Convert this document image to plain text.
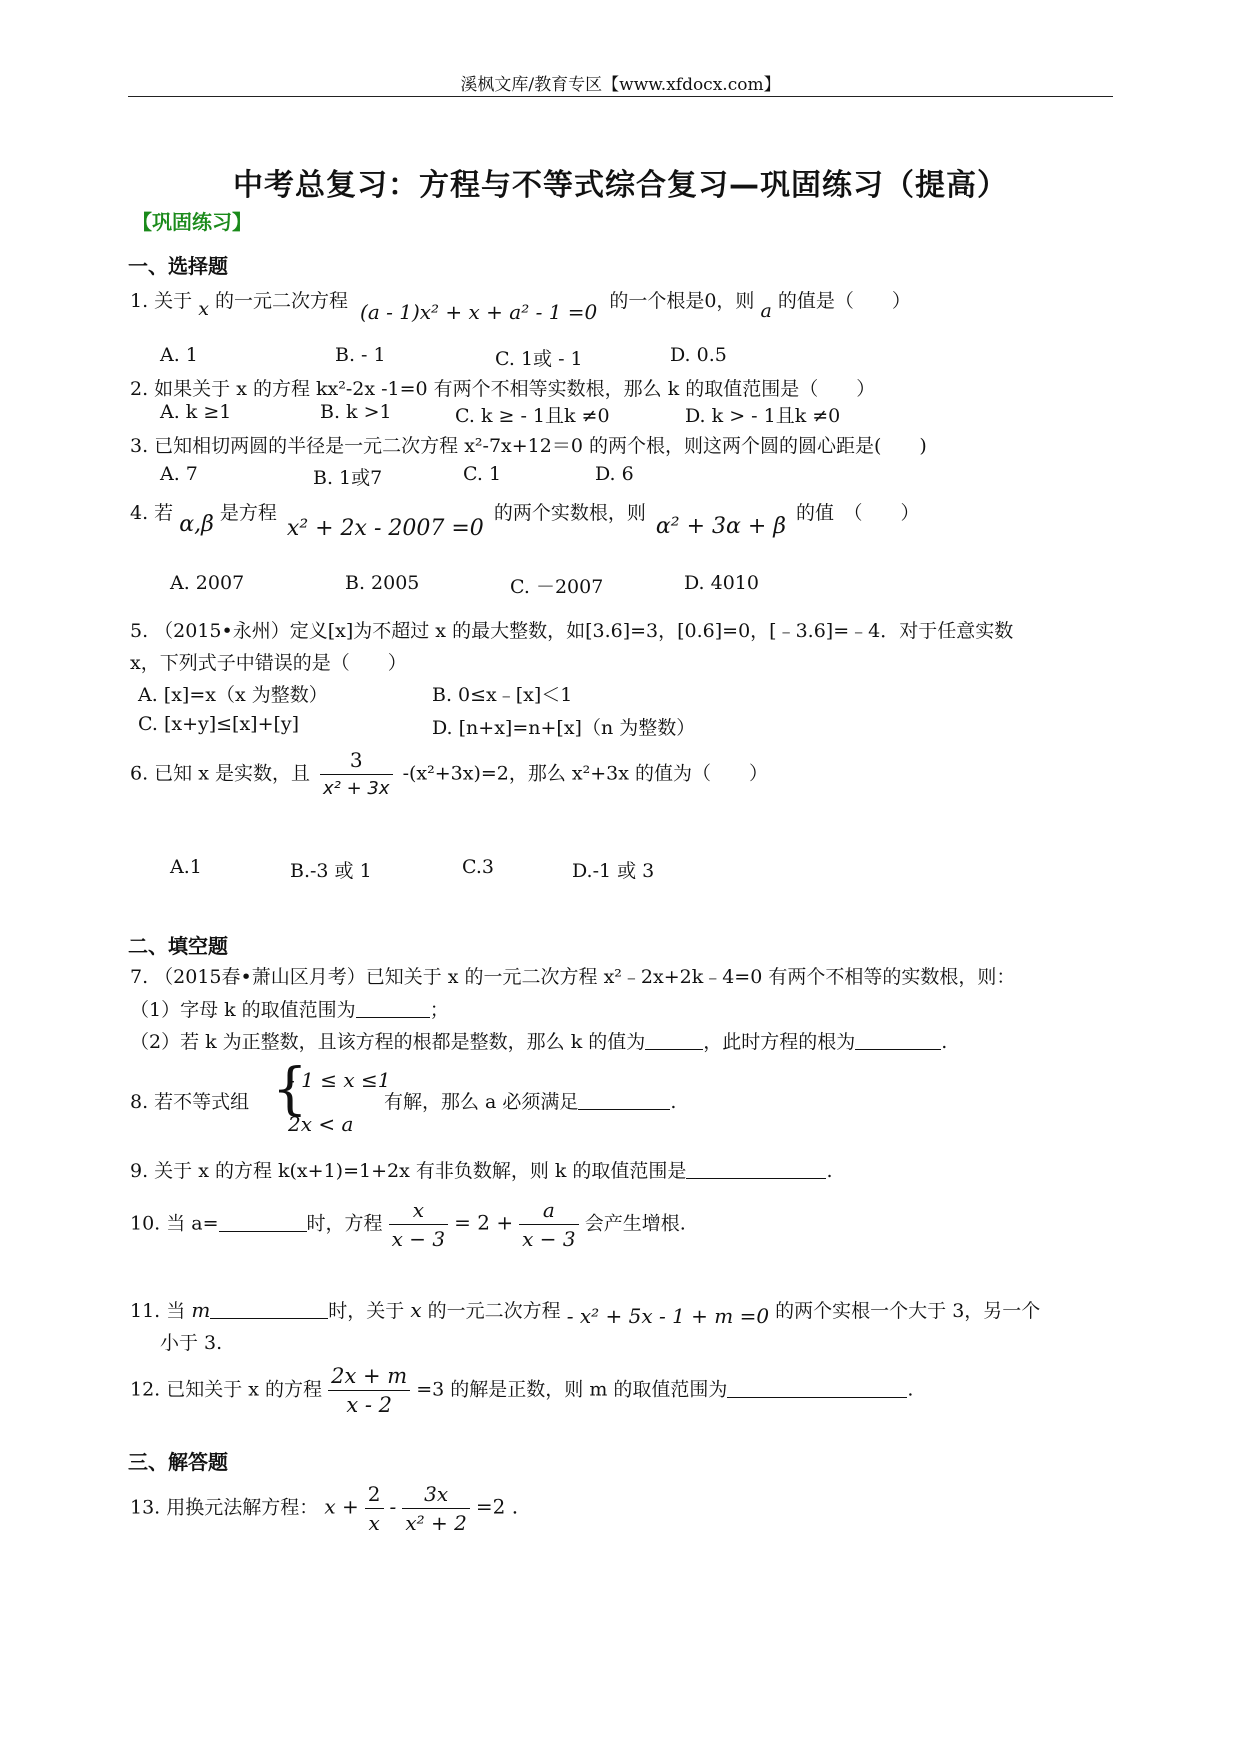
溪枫文库/教育专区【www.xfdocx.com】
中考总复习：方程与不等式综合复习—巩固练习（提高）
【巩固练习】
一、选择题
1. 关于 x 的一元二次方程 (a - 1)x² + x + a² - 1 =0 的一个根是0，则 a 的值是（　　）
A. 1	B. - 1	C. 1或 - 1	D. 0.5
2. 如果关于 x 的方程 kx²-2x -1=0 有两个不相等实数根，那么 k 的取值范围是（　　）
A. k ≥1	B. k >1	C. k ≥ - 1且k ≠0	D. k > - 1且k ≠0
3. 已知相切两圆的半径是一元二次方程 x²-7x+12＝0 的两个根，则这两个圆的圆心距是(　　)
A. 7	B. 1或7	C. 1	D. 6
4. 若 α,β 是方程 x² + 2x - 2007 =0 的两个实数根，则 α² + 3α + β 的值　（　　）
A. 2007	B. 2005	C. －2007	D. 4010
5. （2015•永州）定义[x]为不超过 x 的最大整数，如[3.6]=3，[0.6]=0，[﹣3.6]=﹣4．对于任意实数
x，下列式子中错误的是（　　）
A. [x]=x（x 为整数）	B. 0≤x﹣[x]＜1
C. [x+y]≤[x]+[y]	D. [n+x]=n+[x]（n 为整数）
6. 已知 x 是实数，且 $\frac{3}{\text{x² + 3x}} -(x^2+3x)=2$，那么 x²+3x 的值为（　　）
A.1	B.-3 或 1	C.3	D.-1 或 3
二、填空题
7. （2015春•萧山区月考）已知关于 x 的一元二次方程 x²﹣2x+2k﹣4=0 有两个不相等的实数根，则：
（1）字母 k 的取值范围为	；
（2）若 k 为正整数，且该方程的根都是整数，那么 k 的值为	，此时方程的根为	.
8. 若不等式组 {
- 1 ≤ x ≤1
2x < a
有解，那么 a 必须满足	.
9. 关于 x 的方程 k(x+1)=1+2x 有非负数解，则 k 的取值范围是	.
10. 当 a=	时，方程 $\frac{x}{x - 3} = 2 + \frac{a}{x - 3}$ 会产生增根.
11. 当 m	时，关于 x 的一元二次方程 - x² + 5x - 1 + m =0 的两个实根一个大于 3，另一个
小于 3.
12. 已知关于 x 的方程 $\frac{2x + m}{x - 2} =3$ 的解是正数，则 m 的取值范围为	.
三、解答题
13. 用换元法解方程： $x + \frac{2}{x} - \frac{3x}{\text{x² + 2}} =2$ .
